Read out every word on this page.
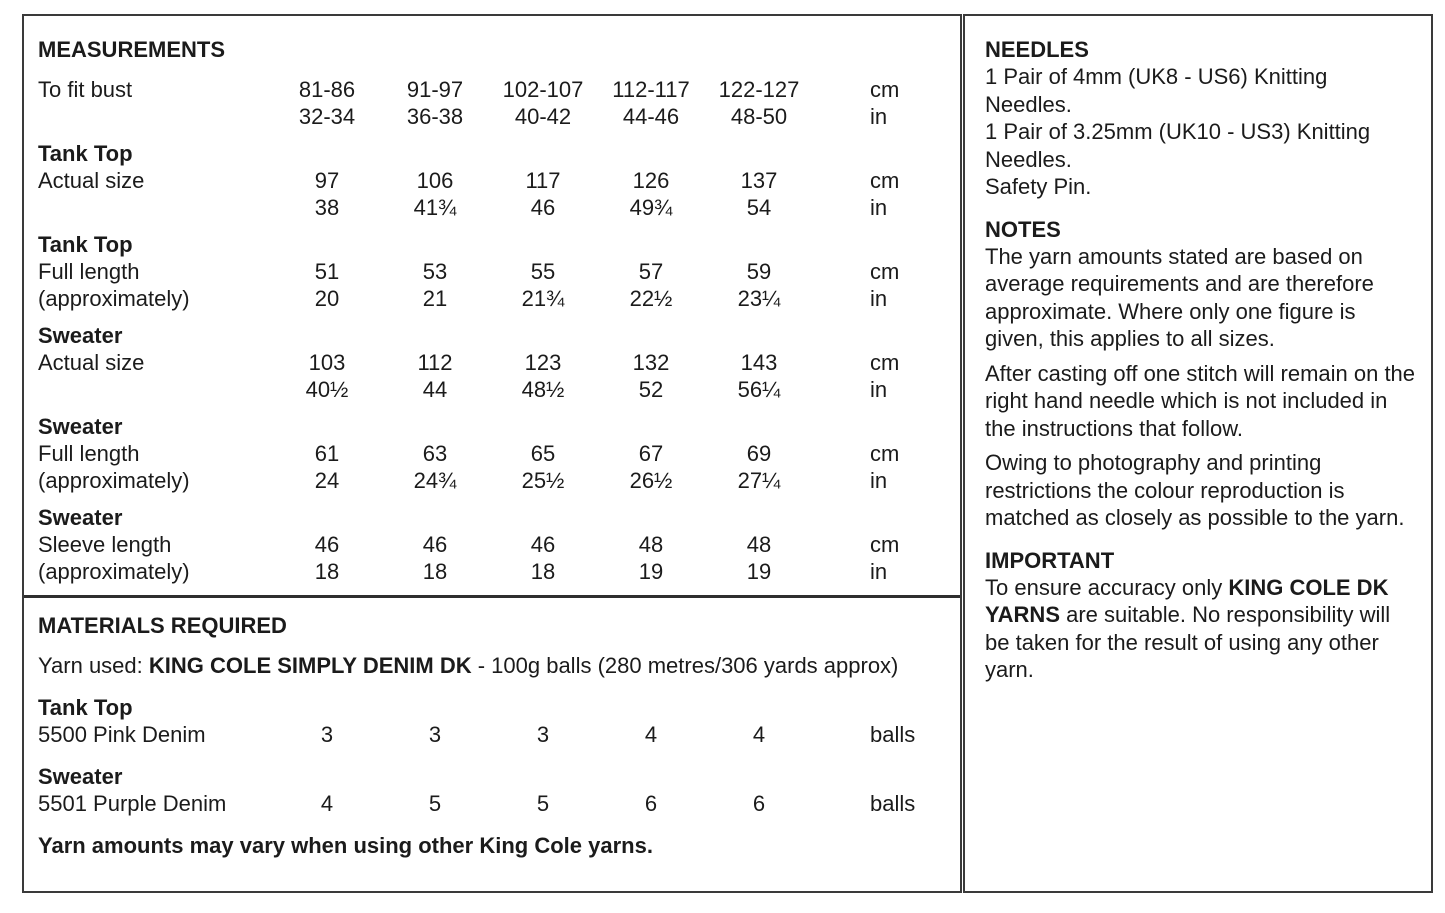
MEASUREMENTS
To fit bust	81-86	91-97	102-107	112-117	122-127	cm
32-34	36-38	40-42	44-46	48-50	in
Tank Top
Actual size	97	106	117	126	137	cm
38	41¾	46	49¾	54	in
Tank Top
Full length	51	53	55	57	59	cm
(approximately)	20	21	21¾	22½	23¼	in
Sweater
Actual size	103	112	123	132	143	cm
40½	44	48½	52	56¼	in
Sweater
Full length	61	63	65	67	69	cm
(approximately)	24	24¾	25½	26½	27¼	in
Sweater
Sleeve length	46	46	46	48	48	cm
(approximately)	18	18	18	19	19	in
MATERIALS REQUIRED
Yarn used: KING COLE SIMPLY DENIM DK - 100g balls (280 metres/306 yards approx)
Tank Top
5500 Pink Denim	3	3	3	4	4	balls
Sweater
5501 Purple Denim	4	5	5	6	6	balls
Yarn amounts may vary when using other King Cole yarns.
NEEDLES
1 Pair of 4mm (UK8 - US6) Knitting Needles.
1 Pair of 3.25mm (UK10 - US3) Knitting Needles.
Safety Pin.
NOTES
The yarn amounts stated are based on average requirements and are therefore approximate. Where only one figure is given, this applies to all sizes.
After casting off one stitch will remain on the right hand needle which is not included in the instructions that follow.
Owing to photography and printing restrictions the colour reproduction is matched as closely as possible to the yarn.
IMPORTANT
To ensure accuracy only KING COLE DK YARNS are suitable. No responsibility will be taken for the result of using any other yarn.
